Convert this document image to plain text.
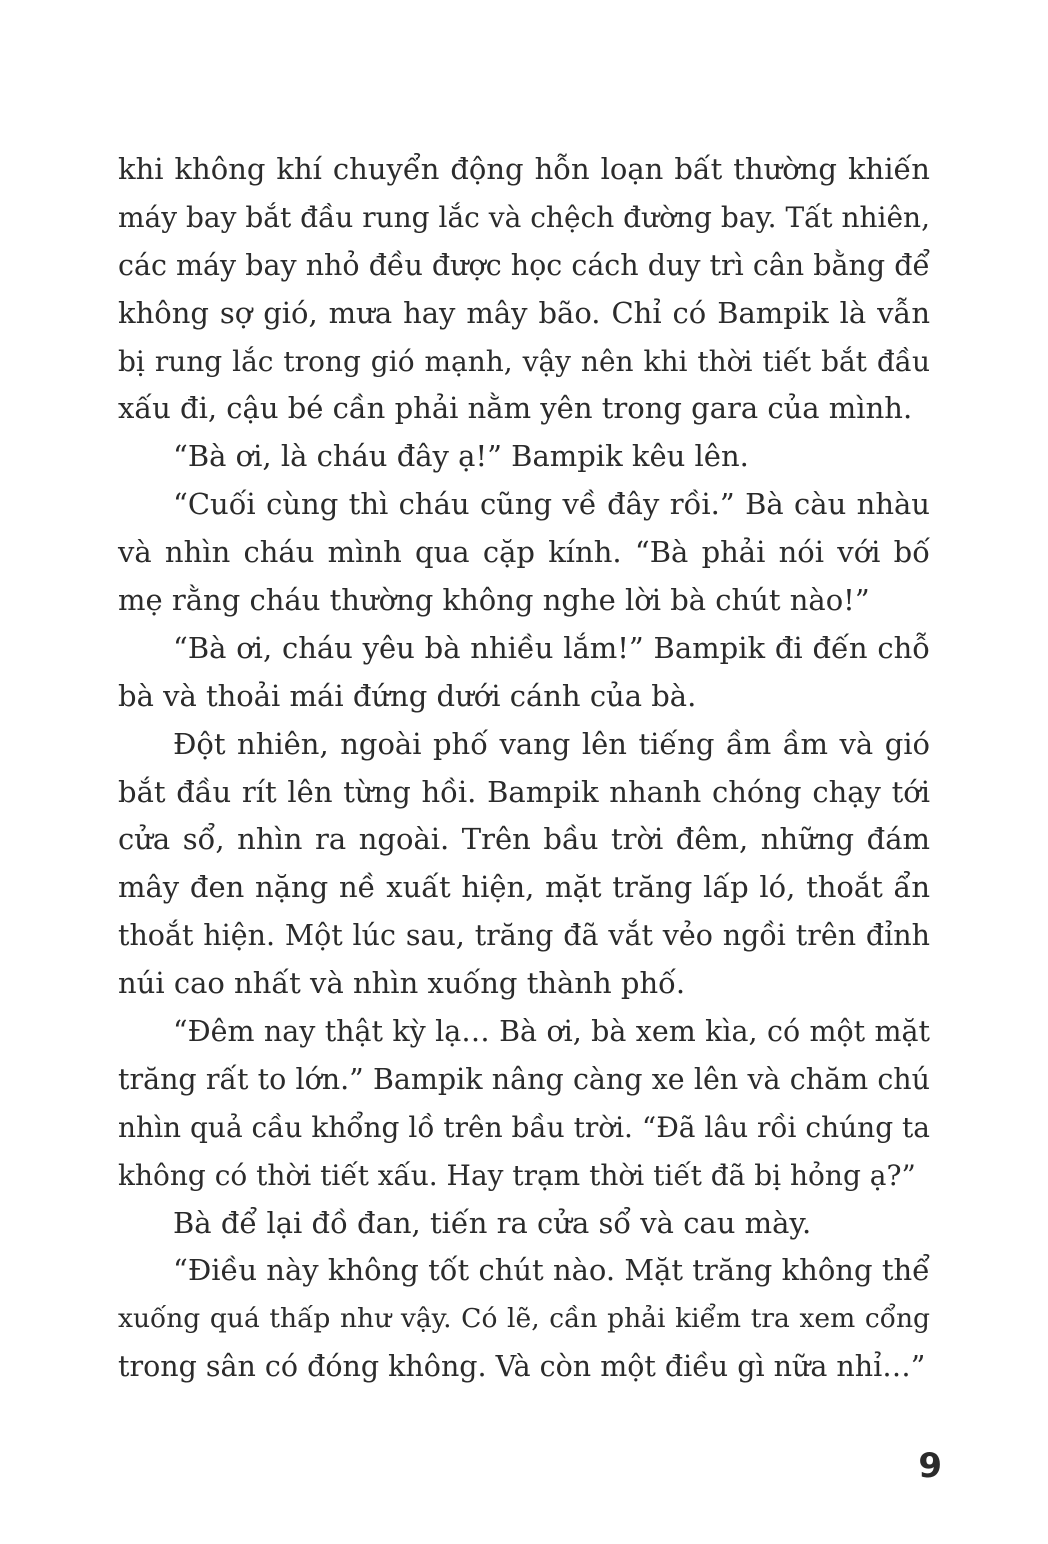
khi không khí chuyển động hỗn loạn bất thường khiến
máy bay bắt đầu rung lắc và chệch đường bay. Tất nhiên,
các máy bay nhỏ đều được học cách duy trì cân bằng để
không sợ gió, mưa hay mây bão. Chỉ có Bampik là vẫn
bị rung lắc trong gió mạnh, vậy nên khi thời tiết bắt đầu
xấu đi, cậu bé cần phải nằm yên trong gara của mình.
“Bà ơi, là cháu đây ạ!” Bampik kêu lên.
“Cuối cùng thì cháu cũng về đây rồi.” Bà càu nhàu
và nhìn cháu mình qua cặp kính. “Bà phải nói với bố
mẹ rằng cháu thường không nghe lời bà chút nào!”
“Bà ơi, cháu yêu bà nhiều lắm!” Bampik đi đến chỗ
bà và thoải mái đứng dưới cánh của bà.
Đột nhiên, ngoài phố vang lên tiếng ầm ầm và gió
bắt đầu rít lên từng hồi. Bampik nhanh chóng chạy tới
cửa sổ, nhìn ra ngoài. Trên bầu trời đêm, những đám
mây đen nặng nề xuất hiện, mặt trăng lấp ló, thoắt ẩn
thoắt hiện. Một lúc sau, trăng đã vắt vẻo ngồi trên đỉnh
núi cao nhất và nhìn xuống thành phố.
“Đêm nay thật kỳ lạ… Bà ơi, bà xem kìa, có một mặt
trăng rất to lớn.” Bampik nâng càng xe lên và chăm chú
nhìn quả cầu khổng lồ trên bầu trời. “Đã lâu rồi chúng ta
không có thời tiết xấu. Hay trạm thời tiết đã bị hỏng ạ?”
Bà để lại đồ đan, tiến ra cửa sổ và cau mày.
“Điều này không tốt chút nào. Mặt trăng không thể
xuống quá thấp như vậy. Có lẽ, cần phải kiểm tra xem cổng
trong sân có đóng không. Và còn một điều gì nữa nhỉ…”
9
